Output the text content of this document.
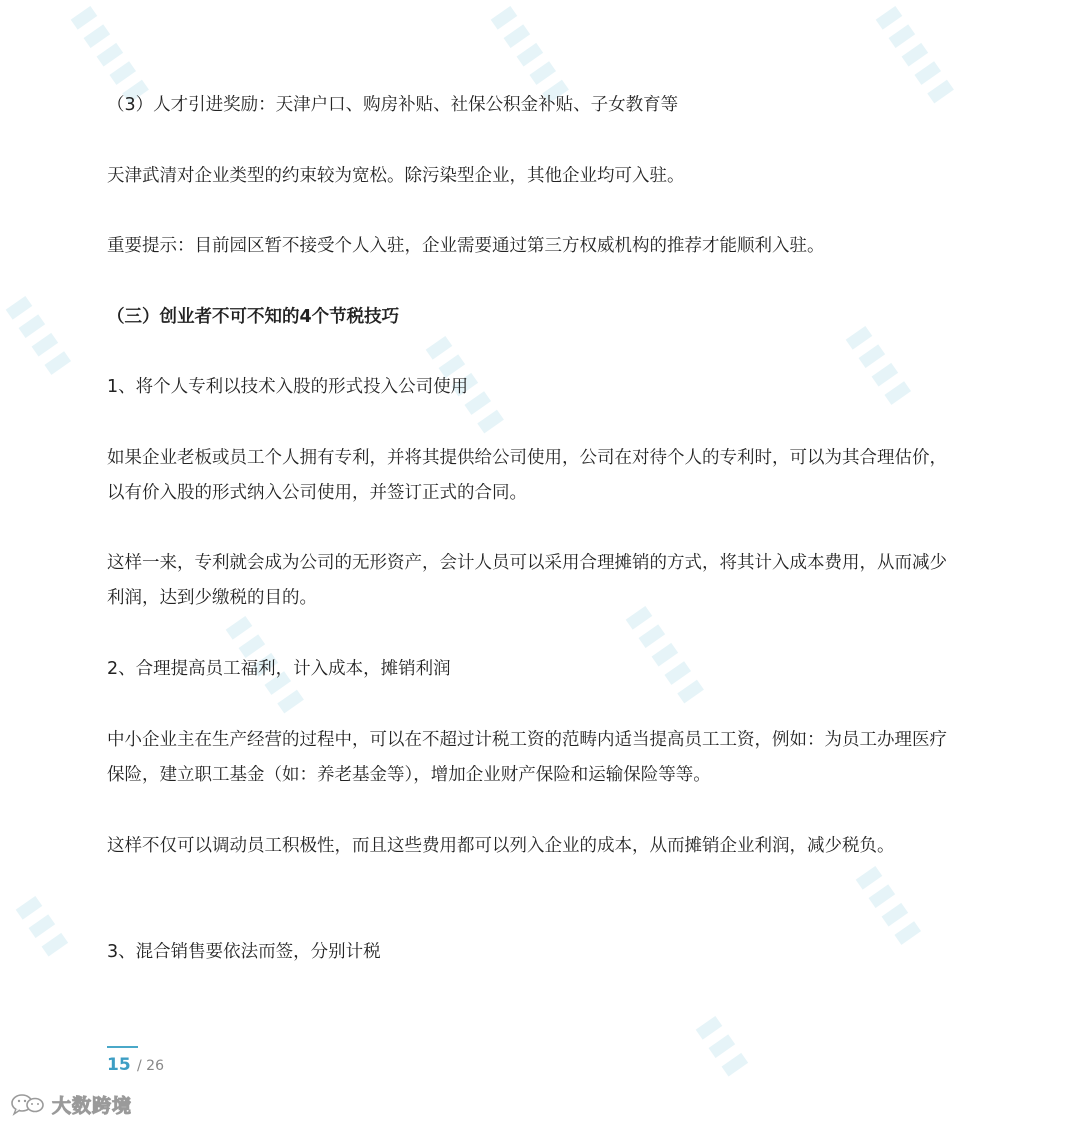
▮▮▮▮▮	▮▮▮▮▮	▮▮▮▮▮
▮▮▮▮	▮▮▮▮▮	▮▮▮▮
▮▮▮▮▮	▮▮▮▮▮
▮▮▮	▮▮▮▮
▮▮▮

（3）人才引进奖励：天津户口、购房补贴、社保公积金补贴、子女教育等

天津武清对企业类型的约束较为宽松。除污染型企业，其他企业均可入驻。

重要提示：目前园区暂不接受个人入驻，企业需要通过第三方权威机构的推荐才能顺利入驻。

（三）创业者不可不知的4个节税技巧

1、将个人专利以技术入股的形式投入公司使用

如果企业老板或员工个人拥有专利，并将其提供给公司使用，公司在对待个人的专利时，可以为其合理估价，以有价入股的形式纳入公司使用，并签订正式的合同。

这样一来，专利就会成为公司的无形资产，会计人员可以采用合理摊销的方式，将其计入成本费用，从而减少利润，达到少缴税的目的。

2、合理提高员工福利，计入成本，摊销利润

中小企业主在生产经营的过程中，可以在不超过计税工资的范畴内适当提高员工工资，例如：为员工办理医疗保险，建立职工基金（如：养老基金等），增加企业财产保险和运输保险等等。

这样不仅可以调动员工积极性，而且这些费用都可以列入企业的成本，从而摊销企业利润，减少税负。

3、混合销售要依法而签，分别计税

15 / 26
大数跨境
